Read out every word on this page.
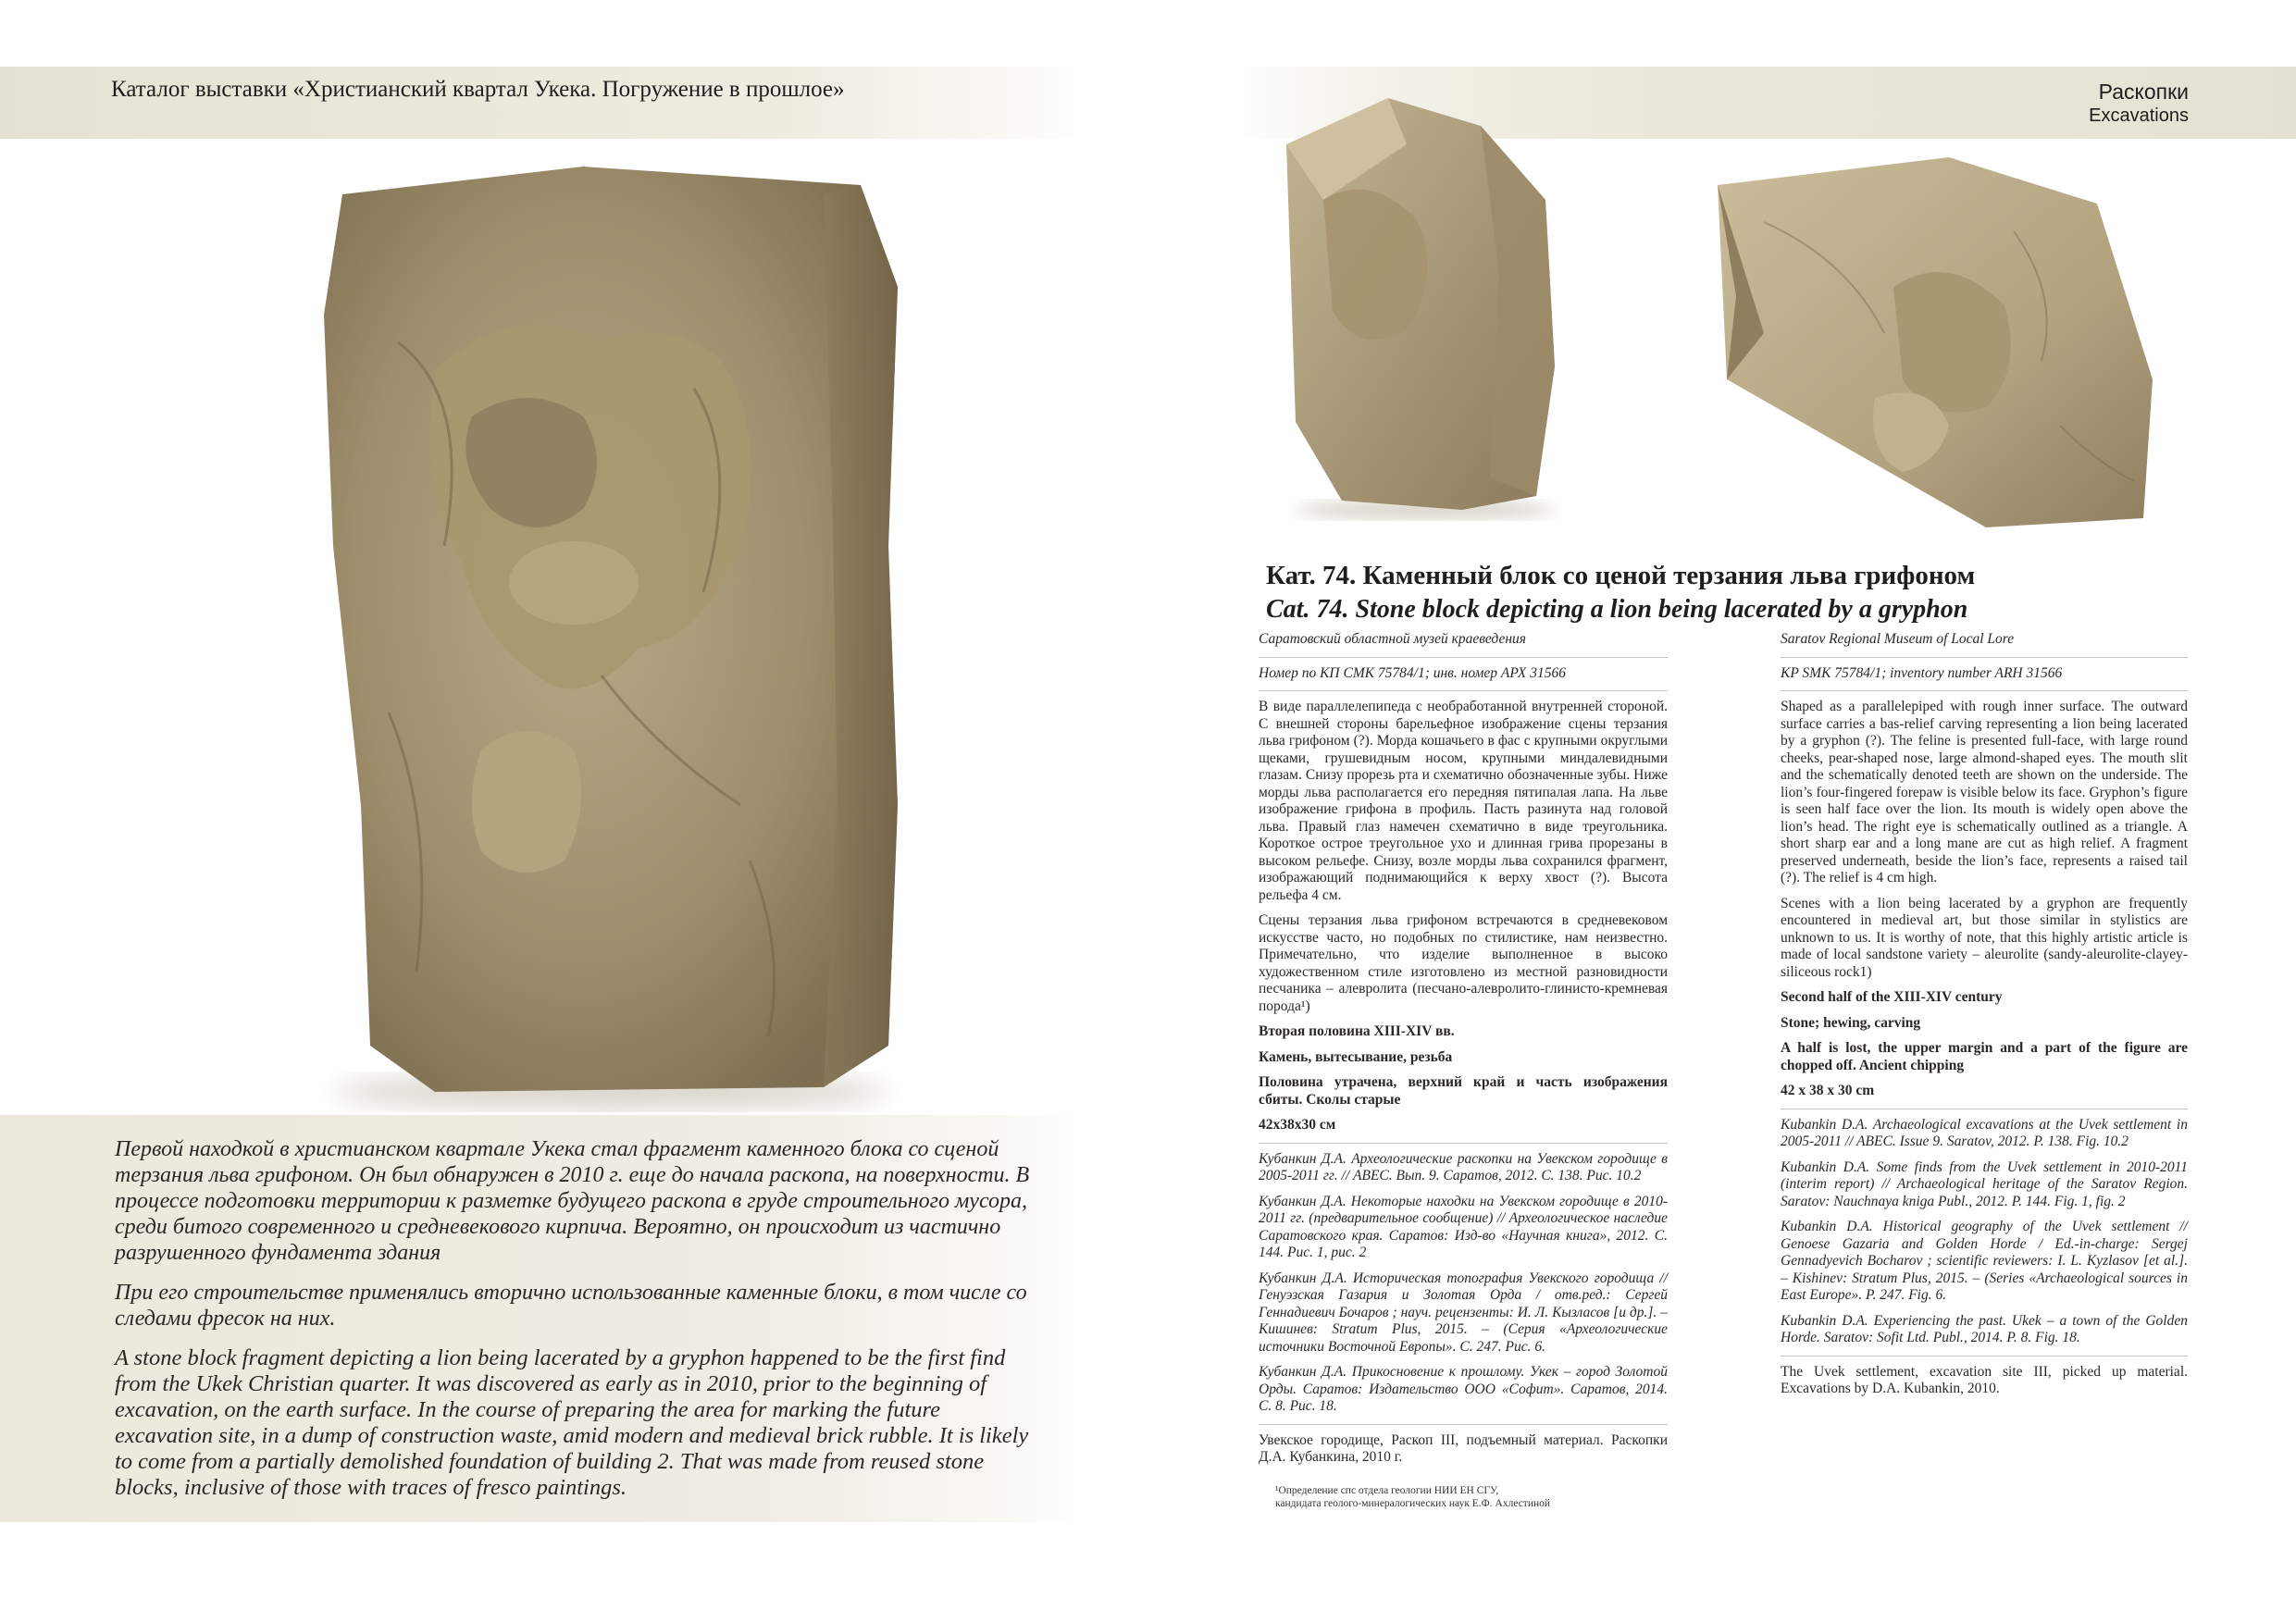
Каталог выставки «Христианский квартал Укека. Погружение в прошлое»	Раскопки
Excavations

Первой находкой в христианском квартале Укека стал фрагмент каменного блока со сценой терзания льва грифоном. Он был обнаружен в 2010 г. еще до начала раскопа, на поверхности. В процессе подготовки территории к разметке будущего раскопа в груде строительного мусора, среди битого современного и средневекового кирпича. Вероятно, он происходит из частично разрушенного фундамента здания

При его строительстве применялись вторично использованные каменные блоки, в том числе со следами фресок на них.

A stone block fragment depicting a lion being lacerated by a gryphon happened to be the first find from the Ukek Christian quarter. It was discovered as early as in 2010, prior to the beginning of excavation, on the earth surface. In the course of preparing the area for marking the future excavation site, in a dump of construction waste, amid modern and medieval brick rubble. It is likely to come from a partially demolished foundation of building 2. That was made from reused stone blocks, inclusive of those with traces of fresco paintings.

Кат. 74. Каменный блок со ценой терзания льва грифоном
Cat. 74. Stone block depicting a lion being lacerated by a gryphon

Саратовский областной музей краеведения

Номер по КП СМК 75784/1; инв. номер АРХ 31566

В виде параллелепипеда с необработанной внутренней стороной. С внешней стороны барельефное изображение сцены терзания льва грифоном (?). Морда кошачьего в фас с крупными округлыми щеками, грушевидным носом, крупными миндалевидными глазам. Снизу прорезь рта и схематично обозначенные зубы. Ниже морды льва располагается его передняя пятипалая лапа. На льве изображение грифона в профиль. Пасть разинута над головой льва. Правый глаз намечен схематично в виде треугольника. Короткое острое треугольное ухо и длинная грива прорезаны в высоком рельефе. Снизу, возле морды льва сохранился фрагмент, изображающий поднимающийся к верху хвост (?). Высота рельефа 4 см.

Сцены терзания льва грифоном встречаются в средневековом искусстве часто, но подобных по стилистике, нам неизвестно. Примечательно, что изделие выполненное в высоко художественном стиле изготовлено из местной разновидности песчаника – алевролита (песчано-алевролито-глинисто-кремневая порода¹)

Вторая половина XIII-XIV вв.

Камень, вытесывание, резьба

Половина утрачена, верхний край и часть изображения сбиты. Сколы старые

42х38х30 см

Кубанкин Д.А. Археологические раскопки на Увекском городище в 2005-2011 гг. // АВЕС. Вып. 9. Саратов, 2012. С. 138. Рис. 10.2

Кубанкин Д.А. Некоторые находки на Увекском городище в 2010-2011 гг. (предварительное сообщение) // Археологическое наследие Саратовского края. Саратов: Изд-во «Научная книга», 2012. С. 144. Рис. 1, рис. 2

Кубанкин Д.А. Историческая топография Увекского городища // Генуэзская Газария и Золотая Орда / отв.ред.: Сергей Геннадиевич Бочаров ; науч. рецензенты: И. Л. Кызласов [и др.]. – Кишинев: Stratum Plus, 2015. – (Серия «Археологические источники Восточной Европы». С. 247. Рис. 6.

Кубанкин Д.А. Прикосновение к прошлому. Укек – город Золотой Орды. Саратов: Издательство ООО «Софит». Саратов, 2014. С. 8. Рис. 18.

Увекское городище, Раскоп III, подъемный материал. Раскопки Д.А. Кубанкина, 2010 г.

¹Определение спс отдела геологии НИИ ЕН СГУ,
кандидата геолого-минералогических наук Е.Ф. Ахлестиной

Saratov Regional Museum of Local Lore

KP SMK 75784/1; inventory number ARH 31566

Shaped as a parallelepiped with rough inner surface. The outward surface carries a bas-relief carving representing a lion being lacerated by a gryphon (?). The feline is presented full-face, with large round cheeks, pear-shaped nose, large almond-shaped eyes. The mouth slit and the schematically denoted teeth are shown on the underside. The lion’s four-fingered forepaw is visible below its face. Gryphon’s figure is seen half face over the lion. Its mouth is widely open above the lion’s head. The right eye is schematically outlined as a triangle. A short sharp ear and a long mane are cut as high relief. A fragment preserved underneath, beside the lion’s face, represents a raised tail (?). The relief is 4 cm high.

Scenes with a lion being lacerated by a gryphon are frequently encountered in medieval art, but those similar in stylistics are unknown to us. It is worthy of note, that this highly artistic article is made of local sandstone variety – aleurolite (sandy-aleurolite-clayey-siliceous rock1)

Second half of the XIII-XIV century

Stone; hewing, carving

A half is lost, the upper margin and a part of the figure are chopped off. Ancient chipping

42 x 38 x 30 cm

Kubankin D.A. Archaeological excavations at the Uvek settlement in 2005-2011 // ABEC. Issue 9. Saratov, 2012. P. 138. Fig. 10.2

Kubankin D.A. Some finds from the Uvek settlement in 2010-2011 (interim report) // Archaeological heritage of the Saratov Region. Saratov: Nauchnaya kniga Publ., 2012. P. 144. Fig. 1, fig. 2

Kubankin D.A. Historical geography of the Uvek settlement // Genoese Gazaria and Golden Horde / Ed.-in-charge: Sergej Gennadyevich Bocharov ; scientific reviewers: I. L. Kyzlasov [et al.]. – Kishinev: Stratum Plus, 2015. – (Series «Archaeological sources in East Europe». P. 247. Fig. 6.

Kubankin D.A. Experiencing the past. Ukek – a town of the Golden Horde. Saratov: Sofit Ltd. Publ., 2014. P. 8. Fig. 18.

The Uvek settlement, excavation site III, picked up material. Excavations by D.A. Kubankin, 2010.
